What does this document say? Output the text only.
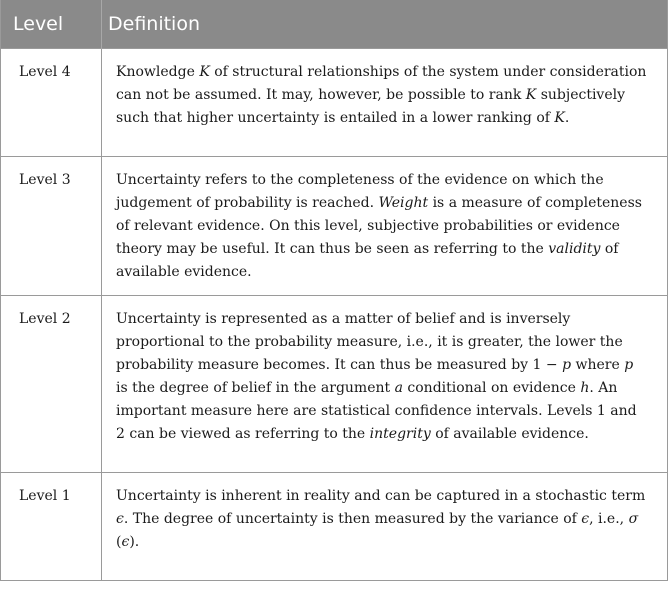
Level	Definition
Level 4	Knowledge K of structural relationships of the system under consideration can not be assumed. It may, however, be possible to rank K subjectively such that higher uncertainty is entailed in a lower ranking of K.
Level 3	Uncertainty refers to the completeness of the evidence on which the judgement of probability is reached. Weight is a measure of completeness of relevant evidence. On this level, subjective probabilities or evidence theory may be useful. It can thus be seen as referring to the validity of available evidence.
Level 2	Uncertainty is represented as a matter of belief and is inversely proportional to the probability measure, i.e., it is greater, the lower the probability measure becomes. It can thus be measured by 1 − p where p is the degree of belief in the argument a conditional on evidence h. An important measure here are statistical confidence intervals. Levels 1 and 2 can be viewed as referring to the integrity of available evidence.
Level 1	Uncertainty is inherent in reality and can be captured in a stochastic term ϵ. The degree of uncertainty is then measured by the variance of ϵ, i.e., σ (ϵ).
